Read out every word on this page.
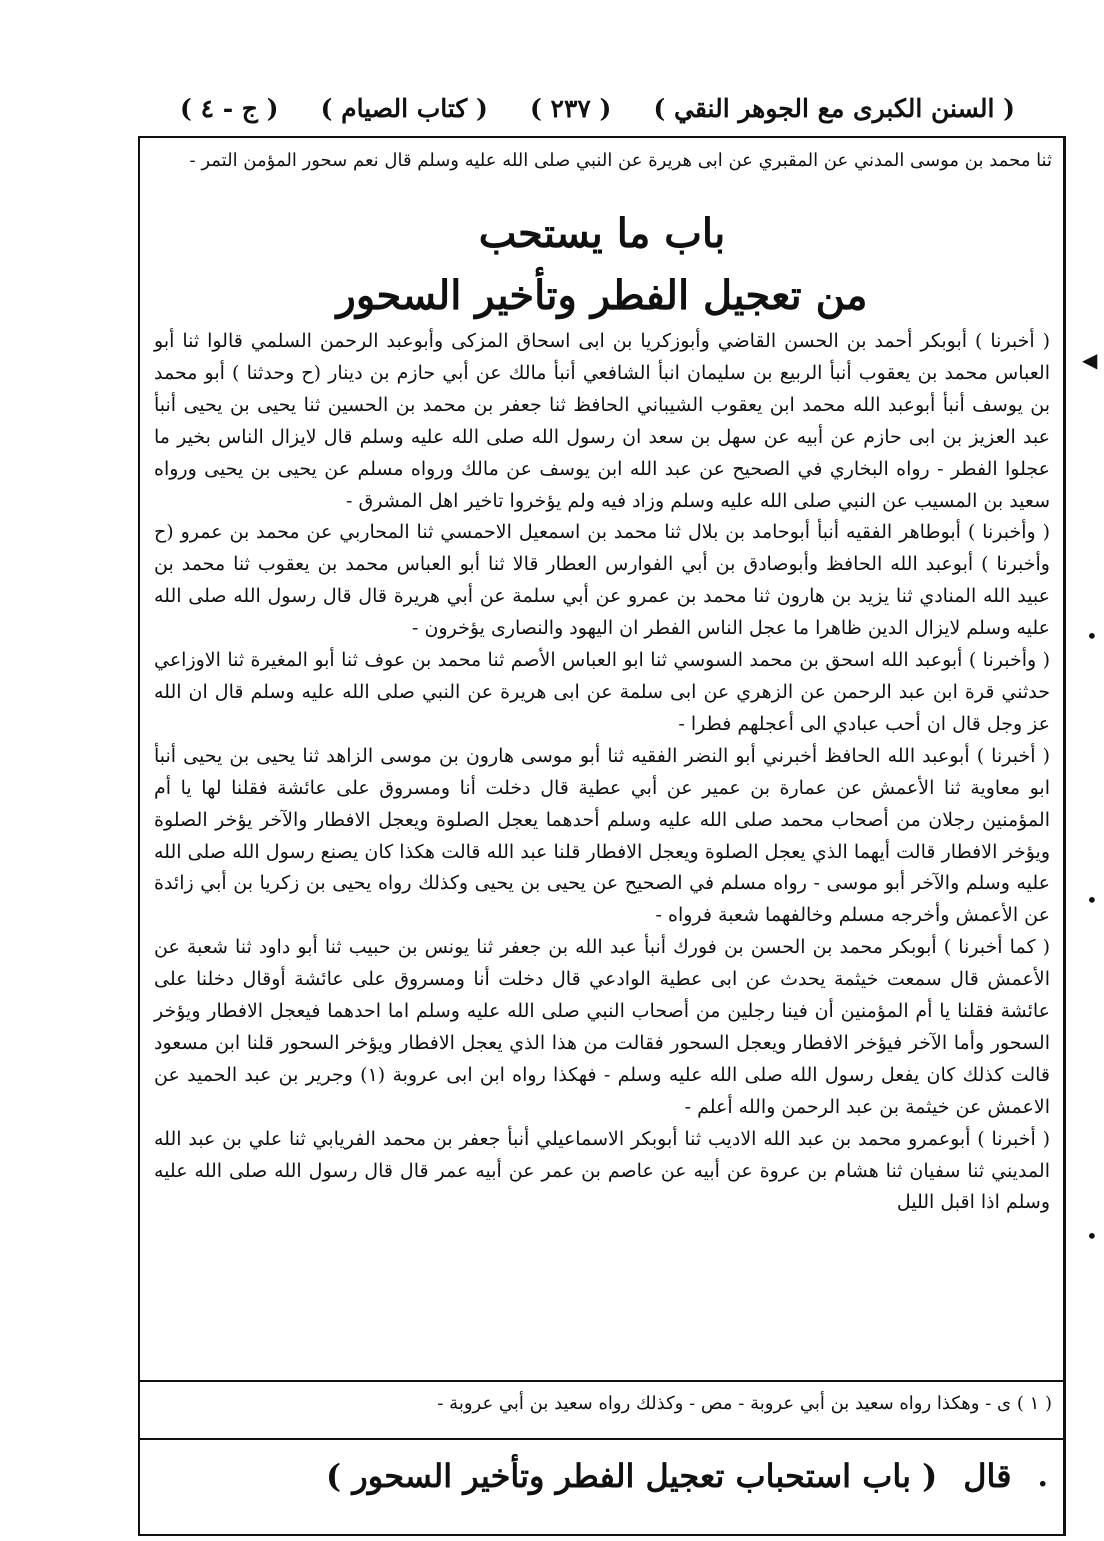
( السنن الكبرى مع الجوهر النقي )
( ٢٣٧ )
( كتاب الصيام )
( ج - ٤ )
ثنا محمد بن موسى المدني عن المقبري عن ابى هريرة عن النبي صلى الله عليه وسلم قال نعم سحور المؤمن التمر -
باب ما يستحب
من تعجيل الفطر وتأخير السحور

( أخبرنا ) أبوبكر أحمد بن الحسن القاضي وأبوزكريا بن ابى اسحاق المزكى وأبوعبد الرحمن السلمي قالوا ثنا أبو العباس محمد بن يعقوب أنبأ الربيع بن سليمان انبأ الشافعي أنبأ مالك عن أبي حازم بن دينار (ح وحدثنا ) أبو محمد بن يوسف أنبأ أبوعبد الله محمد ابن يعقوب الشيباني الحافظ ثنا جعفر بن محمد بن الحسين ثنا يحيى بن يحيى أنبأ عبد العزيز بن ابى حازم عن أبيه عن سهل بن سعد ان رسول الله صلى الله عليه وسلم قال لايزال الناس بخير ما عجلوا الفطر - رواه البخاري في الصحيح عن عبد الله ابن يوسف عن مالك ورواه مسلم عن يحيى بن يحيى ورواه سعيد بن المسيب عن النبي صلى الله عليه وسلم وزاد فيه ولم يؤخروا تاخير اهل المشرق -

( وأخبرنا ) أبوطاهر الفقيه أنبأ أبوحامد بن بلال ثنا محمد بن اسمعيل الاحمسي ثنا المحاربي عن محمد بن عمرو (ح وأخبرنا ) أبوعبد الله الحافظ وأبوصادق بن أبي الفوارس العطار قالا ثنا أبو العباس محمد بن يعقوب ثنا محمد بن عبيد الله المنادي ثنا يزيد بن هارون ثنا محمد بن عمرو عن أبي سلمة عن أبي هريرة قال قال رسول الله صلى الله عليه وسلم لايزال الدين ظاهرا ما عجل الناس الفطر ان اليهود والنصارى يؤخرون -

( وأخبرنا ) أبوعبد الله اسحق بن محمد السوسي ثنا ابو العباس الأصم ثنا محمد بن عوف ثنا أبو المغيرة ثنا الاوزاعي حدثني قرة ابن عبد الرحمن عن الزهري عن ابى سلمة عن ابى هريرة عن النبي صلى الله عليه وسلم قال ان الله عز وجل قال ان أحب عبادي الى أعجلهم فطرا -

( أخبرنا ) أبوعبد الله الحافظ أخبرني أبو النضر الفقيه ثنا أبو موسى هارون بن موسى الزاهد ثنا يحيى بن يحيى أنبأ ابو معاوية ثنا الأعمش عن عمارة بن عمير عن أبي عطية قال دخلت أنا ومسروق على عائشة فقلنا لها يا أم المؤمنين رجلان من أصحاب محمد صلى الله عليه وسلم أحدهما يعجل الصلوة ويعجل الافطار والآخر يؤخر الصلوة ويؤخر الافطار قالت أيهما الذي يعجل الصلوة ويعجل الافطار قلنا عبد الله قالت هكذا كان يصنع رسول الله صلى الله عليه وسلم والآخر أبو موسى - رواه مسلم في الصحيح عن يحيى بن يحيى وكذلك رواه يحيى بن زكريا بن أبي زائدة عن الأعمش وأخرجه مسلم وخالفهما شعبة فرواه -

( كما أخبرنا ) أبوبكر محمد بن الحسن بن فورك أنبأ عبد الله بن جعفر ثنا يونس بن حبيب ثنا أبو داود ثنا شعبة عن الأعمش قال سمعت خيثمة يحدث عن ابى عطية الوادعي قال دخلت أنا ومسروق على عائشة أوقال دخلنا على عائشة فقلنا يا أم المؤمنين أن فينا رجلين من أصحاب النبي صلى الله عليه وسلم اما احدهما فيعجل الافطار ويؤخر السحور وأما الآخر فيؤخر الافطار ويعجل السحور فقالت من هذا الذي يعجل الافطار ويؤخر السحور قلنا ابن مسعود قالت كذلك كان يفعل رسول الله صلى الله عليه وسلم - فهكذا رواه ابن ابى عروبة (١) وجرير بن عبد الحميد عن الاعمش عن خيثمة بن عبد الرحمن والله أعلم -

( أخبرنا ) أبوعمرو محمد بن عبد الله الاديب ثنا أبوبكر الاسماعيلي أنبأ جعفر بن محمد الفريابي ثنا علي بن عبد الله المديني ثنا سفيان ثنا هشام بن عروة عن أبيه عن عاصم بن عمر عن أبيه عمر قال قال رسول الله صلى الله عليه وسلم اذا اقبل الليل

( ١ ) ى - وهكذا رواه سعيد بن أبي عروبة - مص - وكذلك رواه سعيد بن أبي عروبة -
.
قال
( باب استحباب تعجيل الفطر وتأخير السحور )
◀
•
•
•
